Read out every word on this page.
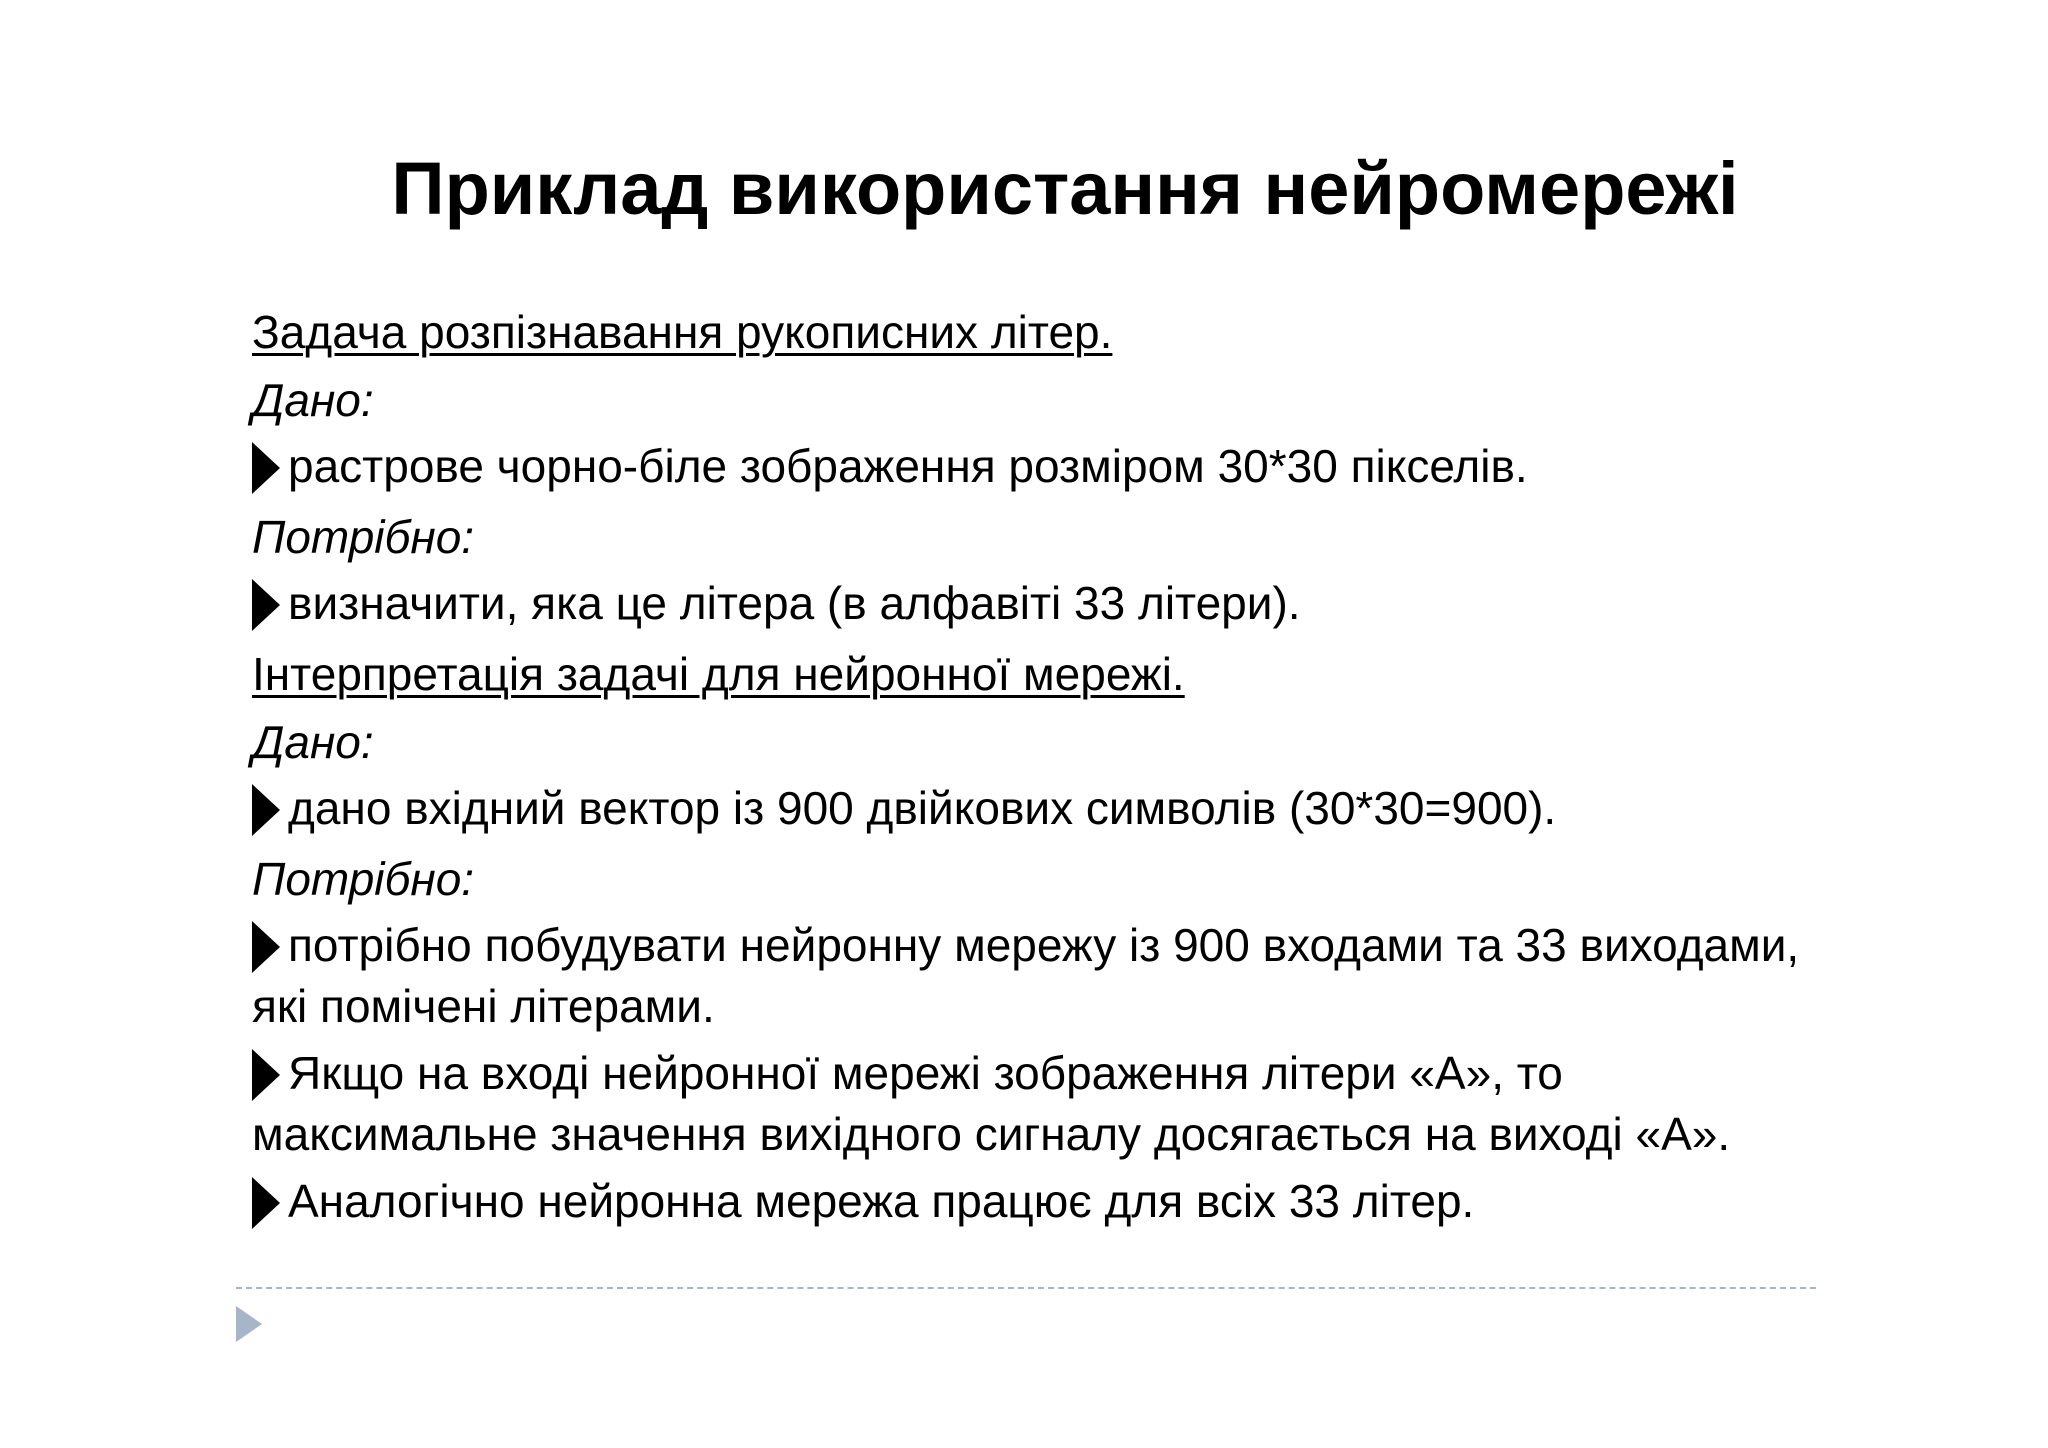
Приклад використання нейромережі
Задача розпізнавання рукописних літер.
Дано:
растрове чорно-біле зображення розміром 30*30 пікселів.
Потрібно:
визначити, яка це літера (в алфавіті 33 літери).
Інтерпретація задачі для нейронної мережі.
Дано:
дано вхідний вектор із 900 двійкових символів (30*30=900).
Потрібно:
потрібно побудувати нейронну мережу із 900 входами та 33 виходами,
які помічені літерами.
Якщо на вході нейронної мережі зображення літери «А», то
максимальне значення вихідного сигналу досягається на виході «А».
Аналогічно нейронна мережа працює для всіх 33 літер.
